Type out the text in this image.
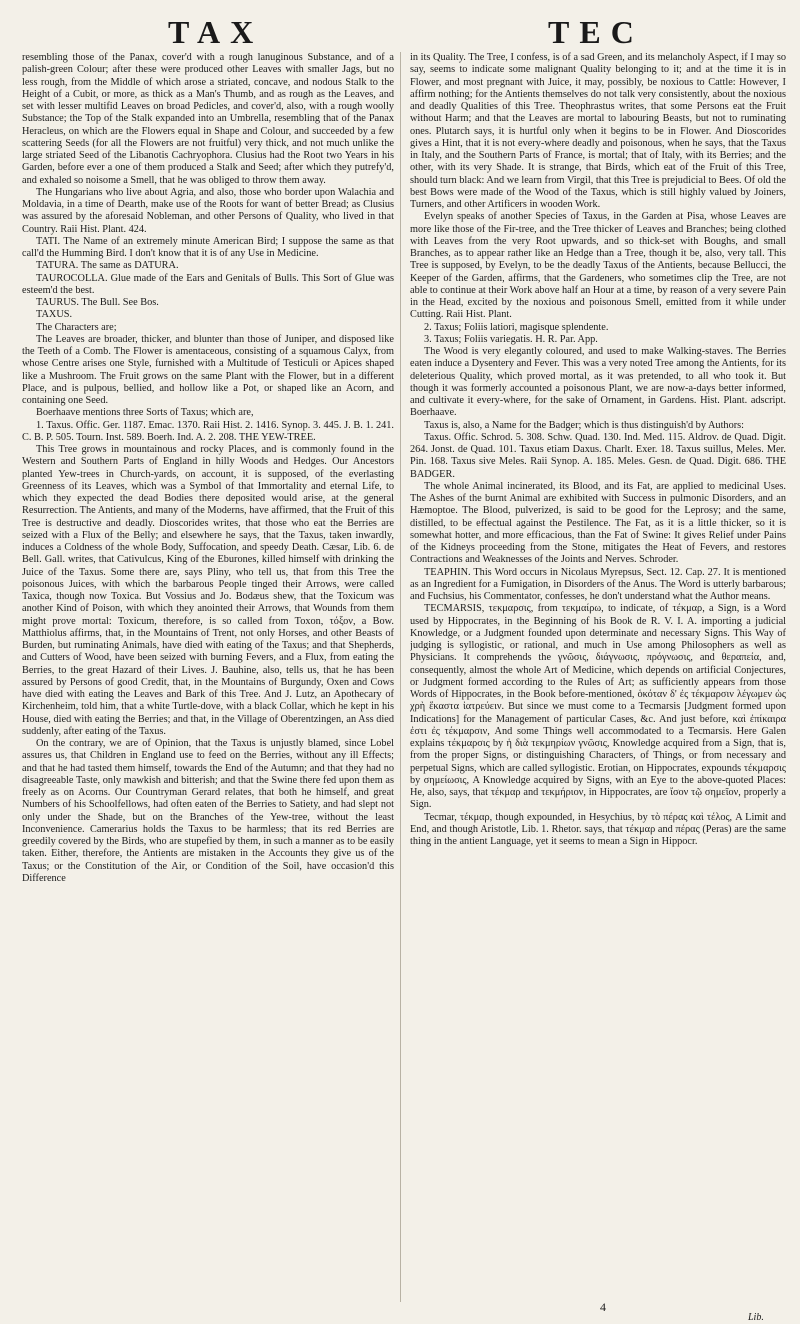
TAX	TEC

resembling those of the Panax, cover'd with a rough lanuginous Substance, and of a palish-green Colour; after these were produced other Leaves with smaller Jags, but no less rough, from the Middle of which arose a striated, concave, and nodous Stalk to the Height of a Cubit, or more, as thick as a Man's Thumb, and as rough as the Leaves, and set with lesser multifid Leaves on broad Pedicles, and cover'd, also, with a rough woolly Substance; the Top of the Stalk expanded into an Umbrella, resembling that of the Panax Heracleus, on which are the Flowers equal in Shape and Colour, and succeeded by a few scattering Seeds (for all the Flowers are not fruitful) very thick, and not much unlike the large striated Seed of the Libanotis Cachryophora. Clusius had the Root two Years in his Garden, before ever a one of them produced a Stalk and Seed; after which they putrefy'd, and exhaled so noisome a Smell, that he was obliged to throw them away.

The Hungarians who live about Agria, and also, those who border upon Walachia and Moldavia, in a time of Dearth, make use of the Roots for want of better Bread; as Clusius was assured by the aforesaid Nobleman, and other Persons of Quality, who lived in that Country. Raii Hist. Plant. 424.

TATI. The Name of an extremely minute American Bird; I suppose the same as that call'd the Humming Bird. I don't know that it is of any Use in Medicine.

TATURA. The same as DATURA.

TAUROCOLLA. Glue made of the Ears and Genitals of Bulls. This Sort of Glue was esteem'd the best.

TAURUS. The Bull. See Bos.

TAXUS.

The Characters are;

The Leaves are broader, thicker, and blunter than those of Juniper, and disposed like the Teeth of a Comb. The Flower is amentaceous, consisting of a squamous Calyx, from whose Centre arises one Style, furnished with a Multitude of Testiculi or Apices shaped like a Mushroom. The Fruit grows on the same Plant with the Flower, but in a different Place, and is pulpous, bellied, and hollow like a Pot, or shaped like an Acorn, and containing one Seed.

Boerhaave mentions three Sorts of Taxus; which are,

1. Taxus. Offic. Ger. 1187. Emac. 1370. Raii Hist. 2. 1416. Synop. 3. 445. J. B. 1. 241. C. B. P. 505. Tourn. Inst. 589. Boerh. Ind. A. 2. 208. THE YEW-TREE.

This Tree grows in mountainous and rocky Places, and is commonly found in the Western and Southern Parts of England in hilly Woods and Hedges. Our Ancestors planted Yew-trees in Church-yards, on account, it is supposed, of the everlasting Greenness of its Leaves, which was a Symbol of that Immortality and eternal Life, to which they expected the dead Bodies there deposited would arise, at the general Resurrection. The Antients, and many of the Moderns, have affirmed, that the Fruit of this Tree is destructive and deadly. Dioscorides writes, that those who eat the Berries are seized with a Flux of the Belly; and elsewhere he says, that the Taxus, taken inwardly, induces a Coldness of the whole Body, Suffocation, and speedy Death. Cæsar, Lib. 6. de Bell. Gall. writes, that Cativulcus, King of the Eburones, killed himself with drinking the Juice of the Taxus. Some there are, says Pliny, who tell us, that from this Tree the poisonous Juices, with which the barbarous People tinged their Arrows, were called Taxica, though now Toxica. But Vossius and Jo. Bodæus shew, that the Toxicum was another Kind of Poison, with which they anointed their Arrows, that Wounds from them might prove mortal: Toxicum, therefore, is so called from Toxon, τόξον, a Bow. Matthiolus affirms, that, in the Mountains of Trent, not only Horses, and other Beasts of Burden, but ruminating Animals, have died with eating of the Taxus; and that Shepherds, and Cutters of Wood, have been seized with burning Fevers, and a Flux, from eating the Berries, to the great Hazard of their Lives. J. Bauhine, also, tells us, that he has been assured by Persons of good Credit, that, in the Mountains of Burgundy, Oxen and Cows have died with eating the Leaves and Bark of this Tree. And J. Lutz, an Apothecary of Kirchenheim, told him, that a white Turtle-dove, with a black Collar, which he kept in his House, died with eating the Berries; and that, in the Village of Oberentzingen, an Ass died suddenly, after eating of the Taxus.

On the contrary, we are of Opinion, that the Taxus is unjustly blamed, since Lobel assures us, that Children in England use to feed on the Berries, without any ill Effects; and that he had tasted them himself, towards the End of the Autumn; and that they had no disagreeable Taste, only mawkish and bitterish; and that the Swine there fed upon them as freely as on Acorns. Our Countryman Gerard relates, that both he himself, and great Numbers of his Schoolfellows, had often eaten of the Berries to Satiety, and had slept not only under the Shade, but on the Branches of the Yew-tree, without the least Inconvenience. Camerarius holds the Taxus to be harmless; that its red Berries are greedily covered by the Birds, who are stupefied by them, in such a manner as to be easily taken. Either, therefore, the Antients are mistaken in the Accounts they give us of the Taxus; or the Constitution of the Air, or Condition of the Soil, have occasion'd this Difference

in its Quality. The Tree, I confess, is of a sad Green, and its melancholy Aspect, if I may so say, seems to indicate some malignant Quality belonging to it; and at the time it is in Flower, and most pregnant with Juice, it may, possibly, be noxious to Cattle: However, I affirm nothing; for the Antients themselves do not talk very consistently, about the noxious and deadly Qualities of this Tree. Theophrastus writes, that some Persons eat the Fruit without Harm; and that the Leaves are mortal to labouring Beasts, but not to ruminating ones. Plutarch says, it is hurtful only when it begins to be in Flower. And Dioscorides gives a Hint, that it is not every-where deadly and poisonous, when he says, that the Taxus in Italy, and the Southern Parts of France, is mortal; that of Italy, with its Berries; and the other, with its very Shade. It is strange, that Birds, which eat of the Fruit of this Tree, should turn black: And we learn from Virgil, that this Tree is prejudicial to Bees. Of old the best Bows were made of the Wood of the Taxus, which is still highly valued by Joiners, Turners, and other Artificers in wooden Work.

Evelyn speaks of another Species of Taxus, in the Garden at Pisa, whose Leaves are more like those of the Fir-tree, and the Tree thicker of Leaves and Branches; being clothed with Leaves from the very Root upwards, and so thick-set with Boughs, and small Branches, as to appear rather like an Hedge than a Tree, though it be, also, very tall. This Tree is supposed, by Evelyn, to be the deadly Taxus of the Antients, because Bellucci, the Keeper of the Garden, affirms, that the Gardeners, who sometimes clip the Tree, are not able to continue at their Work above half an Hour at a time, by reason of a very severe Pain in the Head, excited by the noxious and poisonous Smell, emitted from it while under Cutting. Raii Hist. Plant.

2. Taxus; Foliis latiori, magisque splendente.

3. Taxus; Foliis variegatis. H. R. Par. App.

The Wood is very elegantly coloured, and used to make Walking-staves. The Berries eaten induce a Dysentery and Fever. This was a very noted Tree among the Antients, for its deleterious Quality, which proved mortal, as it was pretended, to all who took it. But though it was formerly accounted a poisonous Plant, we are now-a-days better informed, and cultivate it every-where, for the sake of Ornament, in Gardens. Hist. Plant. adscript. Boerhaave.

Taxus is, also, a Name for the Badger; which is thus distinguish'd by Authors:

Taxus. Offic. Schrod. 5. 308. Schw. Quad. 130. Ind. Med. 115. Aldrov. de Quad. Digit. 264. Jonst. de Quad. 101. Taxus etiam Daxus. Charlt. Exer. 18. Taxus suillus, Meles. Mer. Pin. 168. Taxus sive Meles. Raii Synop. A. 185. Meles. Gesn. de Quad. Digit. 686. THE BADGER.

The whole Animal incinerated, its Blood, and its Fat, are applied to medicinal Uses. The Ashes of the burnt Animal are exhibited with Success in pulmonic Disorders, and an Hæmoptoe. The Blood, pulverized, is said to be good for the Leprosy; and the same, distilled, to be effectual against the Pestilence. The Fat, as it is a little thicker, so it is somewhat hotter, and more efficacious, than the Fat of Swine: It gives Relief under Pains of the Kidneys proceeding from the Stone, mitigates the Heat of Fevers, and restores Contractions and Weaknesses of the Joints and Nerves. Schroder.

TEAPHIN. This Word occurs in Nicolaus Myrepsus, Sect. 12. Cap. 27. It is mentioned as an Ingredient for a Fumigation, in Disorders of the Anus. The Word is utterly barbarous; and Fuchsius, his Commentator, confesses, he don't understand what the Author means.

TECMARSIS, τεκμαρσις, from τεκμαίρω, to indicate, of τέκμαρ, a Sign, is a Word used by Hippocrates, in the Beginning of his Book de R. V. I. A. importing a judicial Knowledge, or a Judgment founded upon determinate and necessary Signs. This Way of judging is syllogistic, or rational, and much in Use among Philosophers as well as Physicians. It comprehends the γνῶσις, διάγνωσις, πρόγνωσις, and θεραπεία, and, consequently, almost the whole Art of Medicine, which depends on artificial Conjectures, or Judgment formed according to the Rules of Art; as sufficiently appears from those Words of Hippocrates, in the Book before-mentioned, ὁκόταν δ' ἐς τέκμαρσιν λέγωμεν ὡς χρὴ ἕκαστα ἰατρεύειν. But since we must come to a Tecmarsis [Judgment formed upon Indications] for the Management of particular Cases, &c. And just before, καὶ ἐπίκαιρα ἐστι ἐς τέκμαρσιν, And some Things well accommodated to a Tecmarsis. Here Galen explains τέκμαρσις by ἡ διὰ τεκμηρίων γνῶσις, Knowledge acquired from a Sign, that is, from the proper Signs, or distinguishing Characters, of Things, or from necessary and perpetual Signs, which are called syllogistic. Erotian, on Hippocrates, expounds τέκμαρσις by σημείωσις, A Knowledge acquired by Signs, with an Eye to the above-quoted Places: He, also, says, that τέκμαρ and τεκμήριον, in Hippocrates, are ἴσον τῷ σημεῖον, properly a Sign.

Tecmar, τέκμαρ, though expounded, in Hesychius, by τὸ πέρας καὶ τέλος, A Limit and End, and though Aristotle, Lib. 1. Rhetor. says, that τέκμαρ and πέρας (Peras) are the same thing in the antient Language, yet it seems to mean a Sign in Hippocr.

4
Lib.
